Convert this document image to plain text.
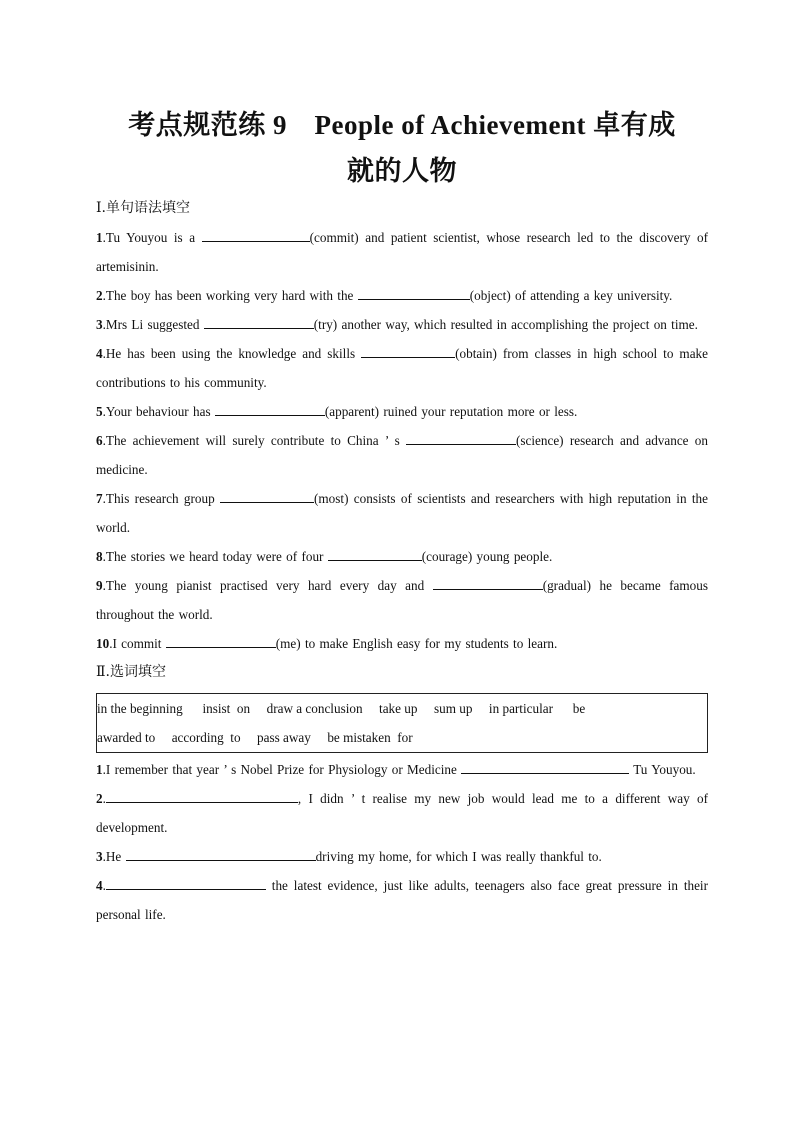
考点规范练 9　People of Achievement 卓有成
就的人物

Ⅰ.单句语法填空

1.Tu Youyou is a	(commit) and patient scientist, whose research led to the discovery of artemisinin.

2.The boy has been working very hard with the	(object) of attending a key university.

3.Mrs Li suggested	(try) another way, which resulted in accomplishing the project on time.

4.He has been using the knowledge and skills	(obtain) from classes in high school to make contributions to his community.

5.Your behaviour has	(apparent) ruined your reputation more or less.

6.The achievement will surely contribute to China ’ s	(science) research and advance on medicine.

7.This research group	(most) consists of scientists and researchers with high reputation in the world.

8.The stories we heard today were of four	(courage) young people.

9.The young pianist practised very hard every day and	(gradual) he became famous throughout the world.

10.I commit	(me) to make English easy for my students to learn.

Ⅱ.选词填空

in the beginning      insist  on     draw a conclusion     take up     sum up     in particular      be
awarded to     according  to     pass away     be mistaken  for

1.I remember that year ’ s Nobel Prize for Physiology or Medicine	Tu Youyou.

2.	, I didn ’ t realise my new job would lead me to a different way of development.

3.He	driving my home, for which I was really thankful to.

4.	the latest evidence, just like adults, teenagers also face great pressure in their personal life.
